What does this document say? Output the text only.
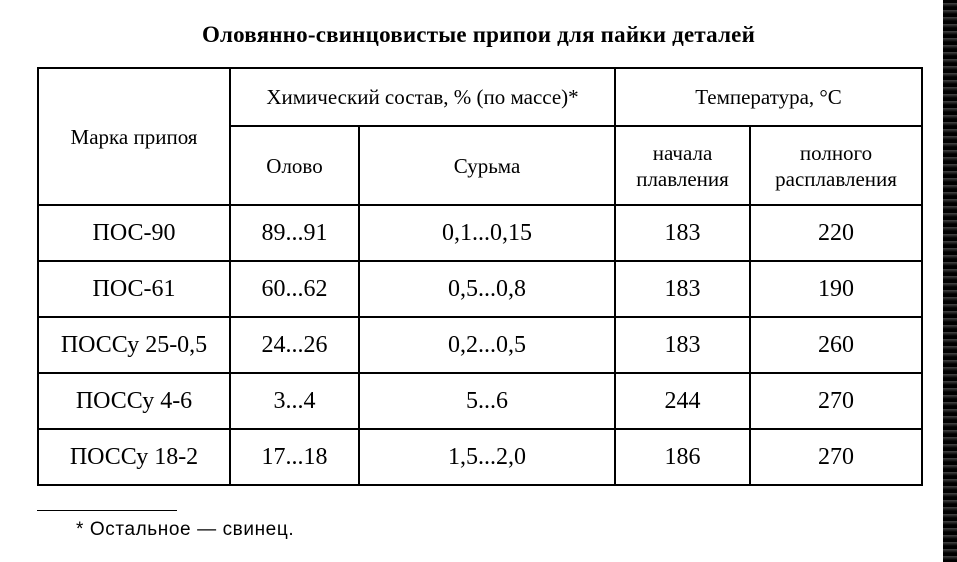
Оловянно-свинцовистые припои для пайки деталей
Марка припоя	Химический состав, % (по массе)*		Температура, °С	
	Олово	Сурьма	начала плавления	полного расплавления
ПОС-90	89...91	0,1...0,15	183	220
ПОС-61	60...62	0,5...0,8	183	190
ПОССу 25-0,5	24...26	0,2...0,5	183	260
ПОССу 4-6	3...4	5...6	244	270
ПОССу 18-2	17...18	1,5...2,0	186	270
* Остальное — свинец.
